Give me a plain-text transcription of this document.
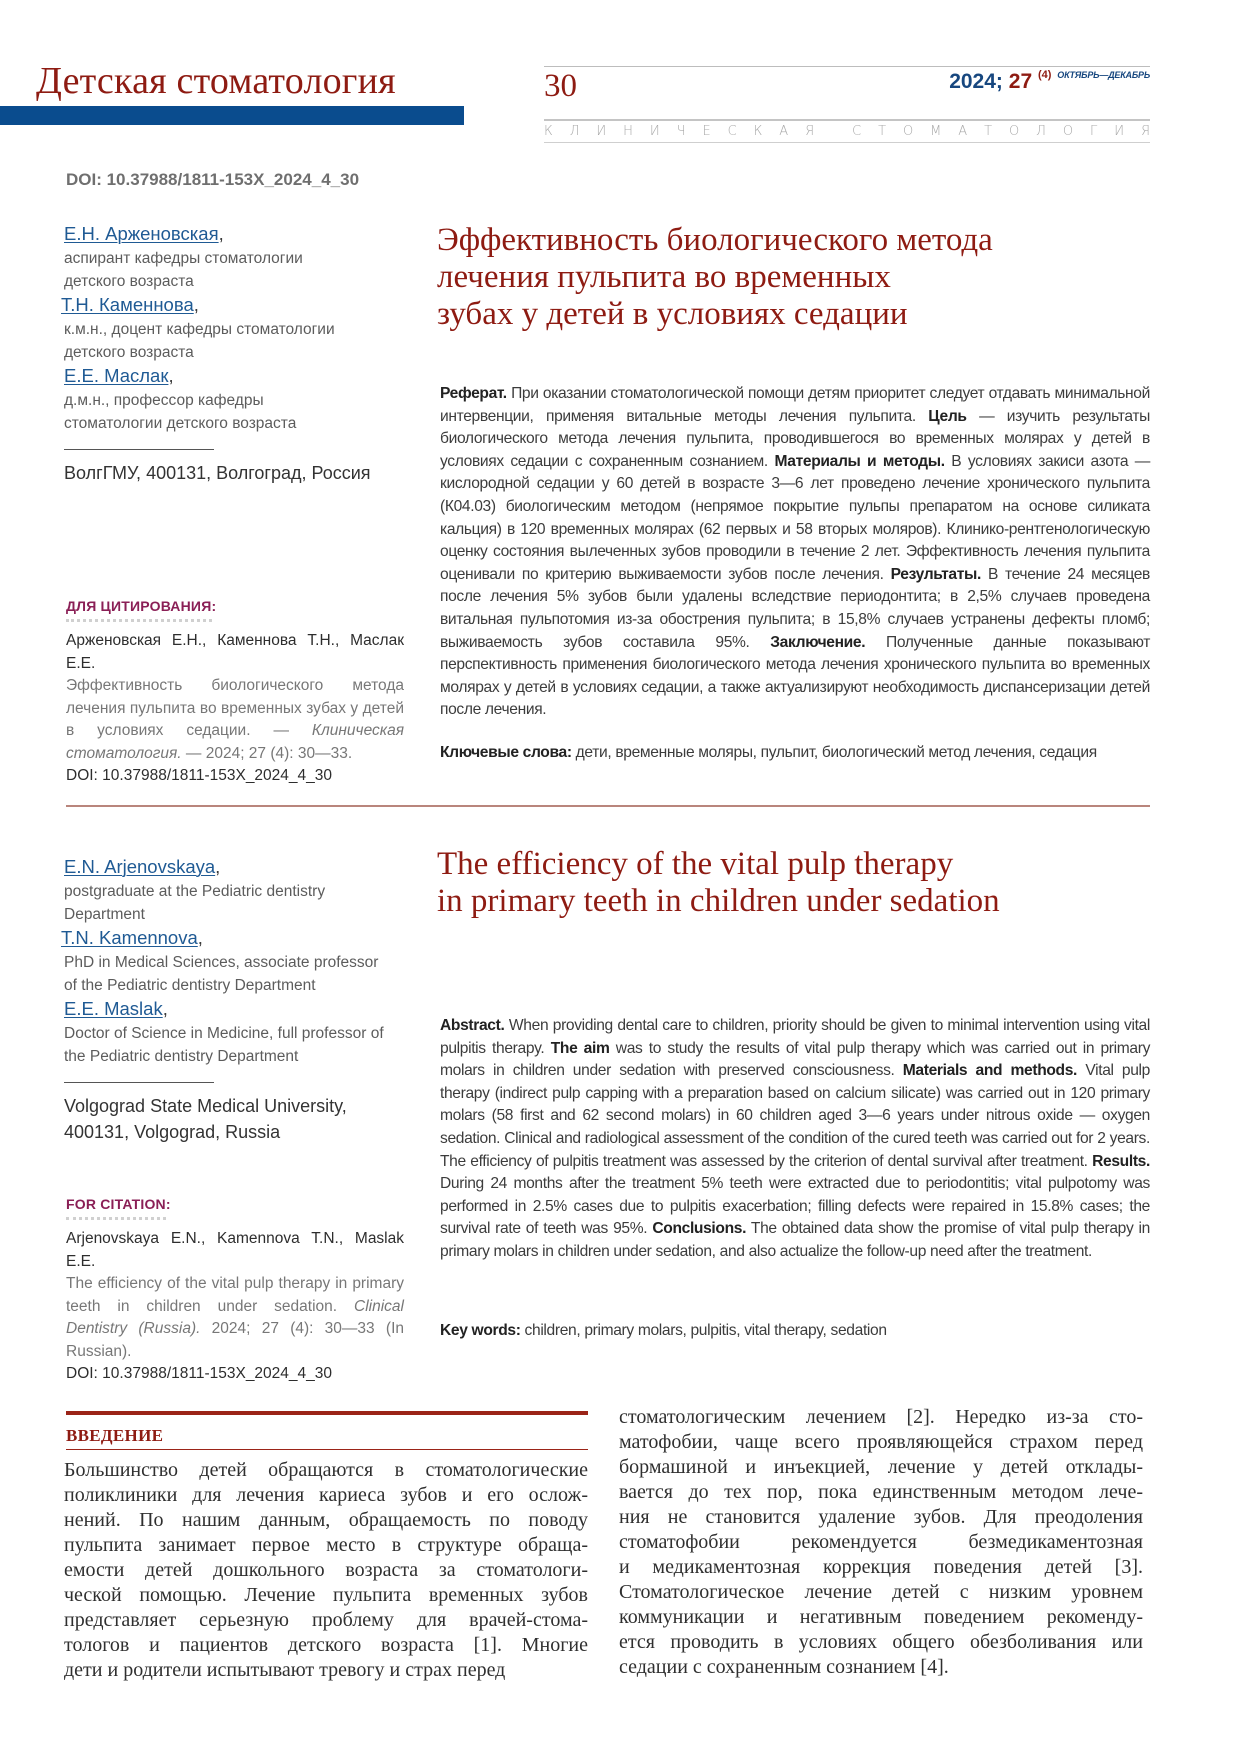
Детская стоматология	30	2024; 27 $^{(4)}$ $^{ОКТЯБРЬ—ДЕКАБРЬ}$
К Л И Н И Ч Е С К А Я
	С Т О М А Т О Л О Г И Я
DOI: 10.37988/1811-153X_2024_4_30
Е.Н. Арженовская,
аспирант кафедры стоматологии детского возраста
Т.Н. Каменнова,
к.м.н., доцент кафедры стоматологии детского возраста
Е.Е. Маслак,
д.м.н., профессор кафедры стоматологии детского возраста
ВолгГМУ, 400131, Волгоград, Россия
ДЛЯ ЦИТИРОВАНИЯ:
Арженовская Е.Н., Каменнова Т.Н., Маслак Е.Е.
Эффективность биологического метода лечения пульпита во временных зубах у детей в условиях седации. — Клиническая стоматология. — 2024; 27 (4): 30—33.
DOI: 10.37988/1811-153X_2024_4_30
Эффективность биологического метода
лечения пульпита во временных
зубах у детей в условиях седации
Реферат. При оказании стоматологической помощи детям приоритет следует отдавать минимальной интервенции, применяя витальные методы лечения пульпита. Цель — изучить результаты биологического метода лечения пульпита, проводившегося во временных молярах у детей в условиях седации с сохраненным сознанием. Материалы и методы. В условиях закиси азота — кислородной седации у 60 детей в возрасте 3—6 лет проведено лечение хронического пульпита (К04.03) биологическим методом (непрямое покрытие пульпы препаратом на основе силиката кальция) в 120 временных молярах (62 первых и 58 вторых моляров). Клинико-рентгенологическую оценку состояния вылеченных зубов проводили в течение 2 лет. Эффективность лечения пульпита оценивали по критерию выживаемости зубов после лечения. Результаты. В течение 24 месяцев после лечения 5% зубов были удалены вследствие периодонтита; в 2,5% случаев проведена витальная пульпотомия из-за обострения пульпита; в 15,8% случаев устранены дефекты пломб; выживаемость зубов составила 95%. Заключение. Полученные данные показывают перспективность применения биологического метода лечения хронического пульпита во временных молярах у детей в условиях седации, а также актуализируют необходимость диспансеризации детей после лечения.
Ключевые слова: дети, временные моляры, пульпит, биологический метод лечения, седация
E.N. Arjenovskaya,
postgraduate at the Pediatric dentistry Department
T.N. Kamennova,
PhD in Medical Sciences, associate professor of the Pediatric dentistry Department
E.E. Maslak,
Doctor of Science in Medicine, full professor of the Pediatric dentistry Department
Volgograd State Medical University,
400131, Volgograd, Russia
FOR CITATION:
Arjenovskaya E.N., Kamennova T.N., Maslak E.E.
The efficiency of the vital pulp therapy in primary teeth in children under sedation. Clinical Dentistry (Russia). 2024; 27 (4): 30—33 (In Russian).
DOI: 10.37988/1811-153X_2024_4_30
The efficiency of the vital pulp therapy
in primary teeth in children under sedation
Abstract. When providing dental care to children, priority should be given to minimal intervention using vital pulpitis therapy. The aim was to study the results of vital pulp therapy which was carried out in primary molars in children under sedation with preserved consciousness. Materials and methods. Vital pulp therapy (indirect pulp capping with a preparation based on calcium silicate) was carried out in 120 primary molars (58 first and 62 second molars) in 60 children aged 3—6 years under nitrous oxide — oxygen sedation. Clinical and radiological assessment of the condition of the cured teeth was carried out for 2 years. The efficiency of pulpitis treatment was assessed by the criterion of dental survival after treatment. Results. During 24 months after the treatment 5% teeth were extracted due to periodontitis; vital pulpotomy was performed in 2.5% cases due to pulpitis exacerbation; filling defects were repaired in 15.8% cases; the survival rate of teeth was 95%. Conclusions. The obtained data show the promise of vital pulp therapy in primary molars in children under sedation, and also actualize the follow-up need after the treatment.
Key words: children, primary molars, pulpitis, vital therapy, sedation
ВВЕДЕНИЕ
Большинство детей обращаются в стоматологические
поликлиники для лечения кариеса зубов и его ослож-
нений. По нашим данным, обращаемость по поводу
пульпита занимает первое место в структуре обраща-
емости детей дошкольного возраста за стоматологи-
ческой помощью. Лечение пульпита временных зубов
представляет серьезную проблему для врачей-стома-
тологов и пациентов детского возраста [1]. Многие
дети и родители испытывают тревогу и страх перед
стоматологическим лечением [2]. Нередко из-за сто-
матофобии, чаще всего проявляющейся страхом перед
бормашиной и инъекцией, лечение у детей отклады-
вается до тех пор, пока единственным методом лече-
ния не становится удаление зубов. Для преодоления
стоматофобии рекомендуется безмедикаментозная
и медикаментозная коррекция поведения детей [3].
Стоматологическое лечение детей с низким уровнем
коммуникации и негативным поведением рекоменду-
ется проводить в условиях общего обезболивания или
седации с сохраненным сознанием [4].
